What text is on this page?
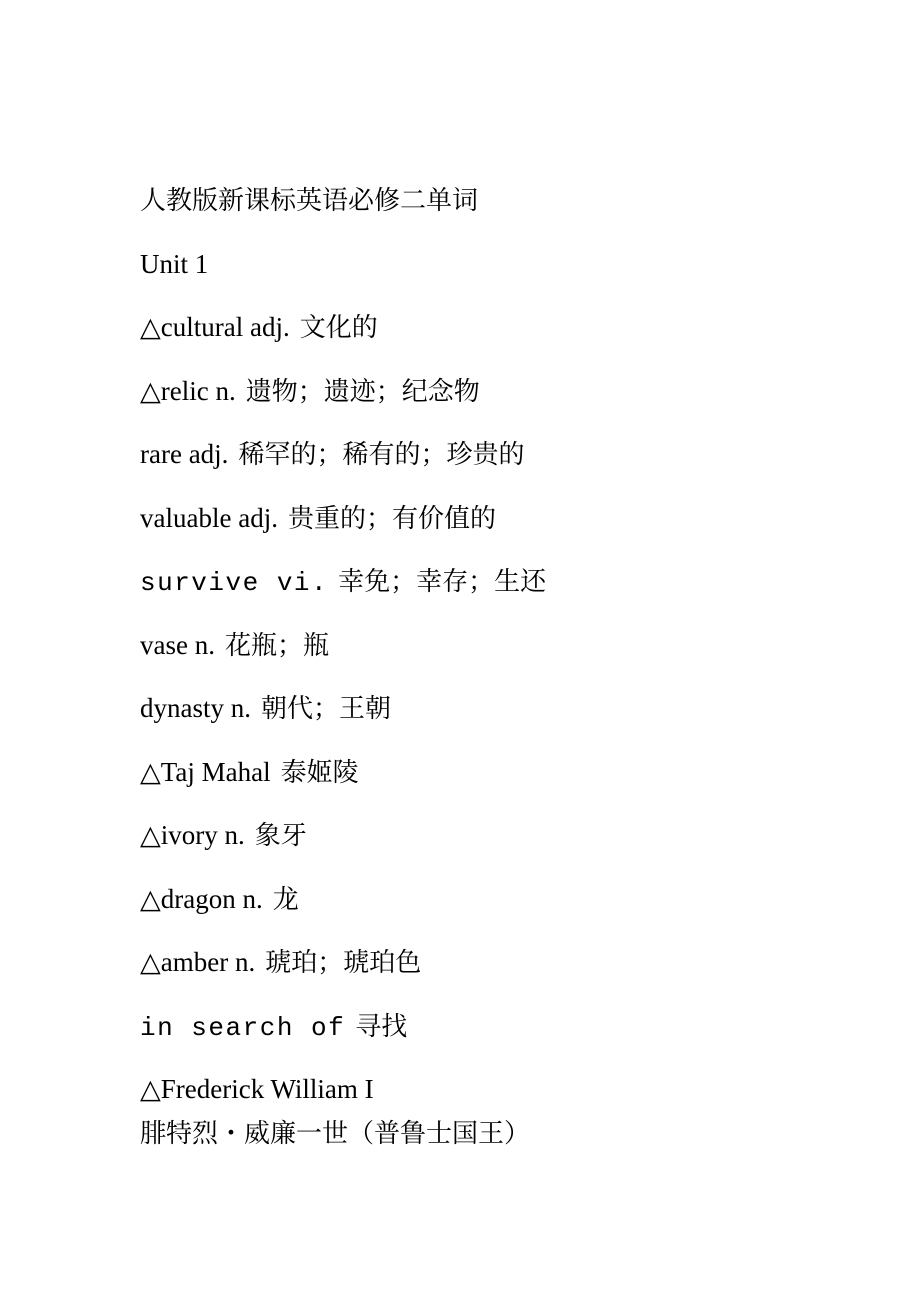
人教版新课标英语必修二单词
Unit 1
△cultural adj. 文化的
△relic n. 遗物；遗迹；纪念物
rare adj. 稀罕的；稀有的；珍贵的
valuable adj. 贵重的；有价值的
survive vi. 幸免；幸存；生还
vase n. 花瓶；瓶
dynasty n. 朝代；王朝
△Taj Mahal 泰姬陵
△ivory n. 象牙
△dragon n. 龙
△amber n. 琥珀；琥珀色
in search of 寻找
△Frederick William I腓特烈・威廉一世（普鲁士国王）
